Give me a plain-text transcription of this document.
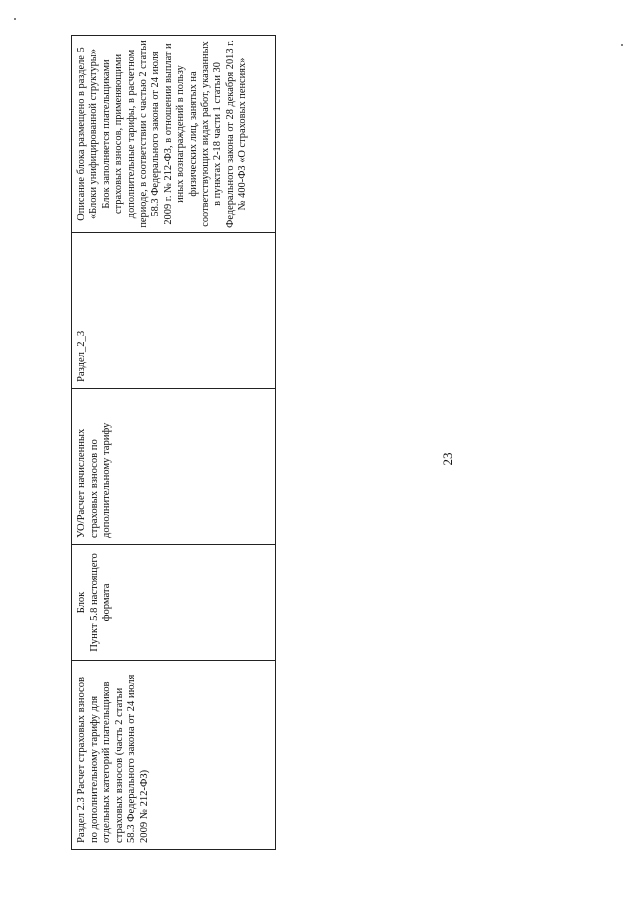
23
Раздел 2.3 Расчет страховых взносов по дополнительному тарифу для отдельных категорий плательщиков страховых взносов (часть 2 статьи 58.3 Федерального закона от 24 июля 2009 № 212-ФЗ)
Блок
Пункт 5.8 настоящего формата
УО/Расчет начисленных страховых взносов по дополнительному тарифу
Раздел_2_3
Описание блока размещено в разделе 5 «Блоки унифицированной структуры» Блок заполняется плательщиками страховых взносов, применяющими дополнительные тарифы, в расчетном периоде, в соответствии с частью 2 статьи 58.3 Федерального закона от 24 июля 2009 г. № 212-ФЗ, в отношении выплат и иных вознаграждений в пользу физических лиц, занятых на соответствующих видах работ, указанных в пунктах 2-18 части 1 статьи 30 Федерального закона от 28 декабря 2013 г. № 400-ФЗ «О страховых пенсиях»
